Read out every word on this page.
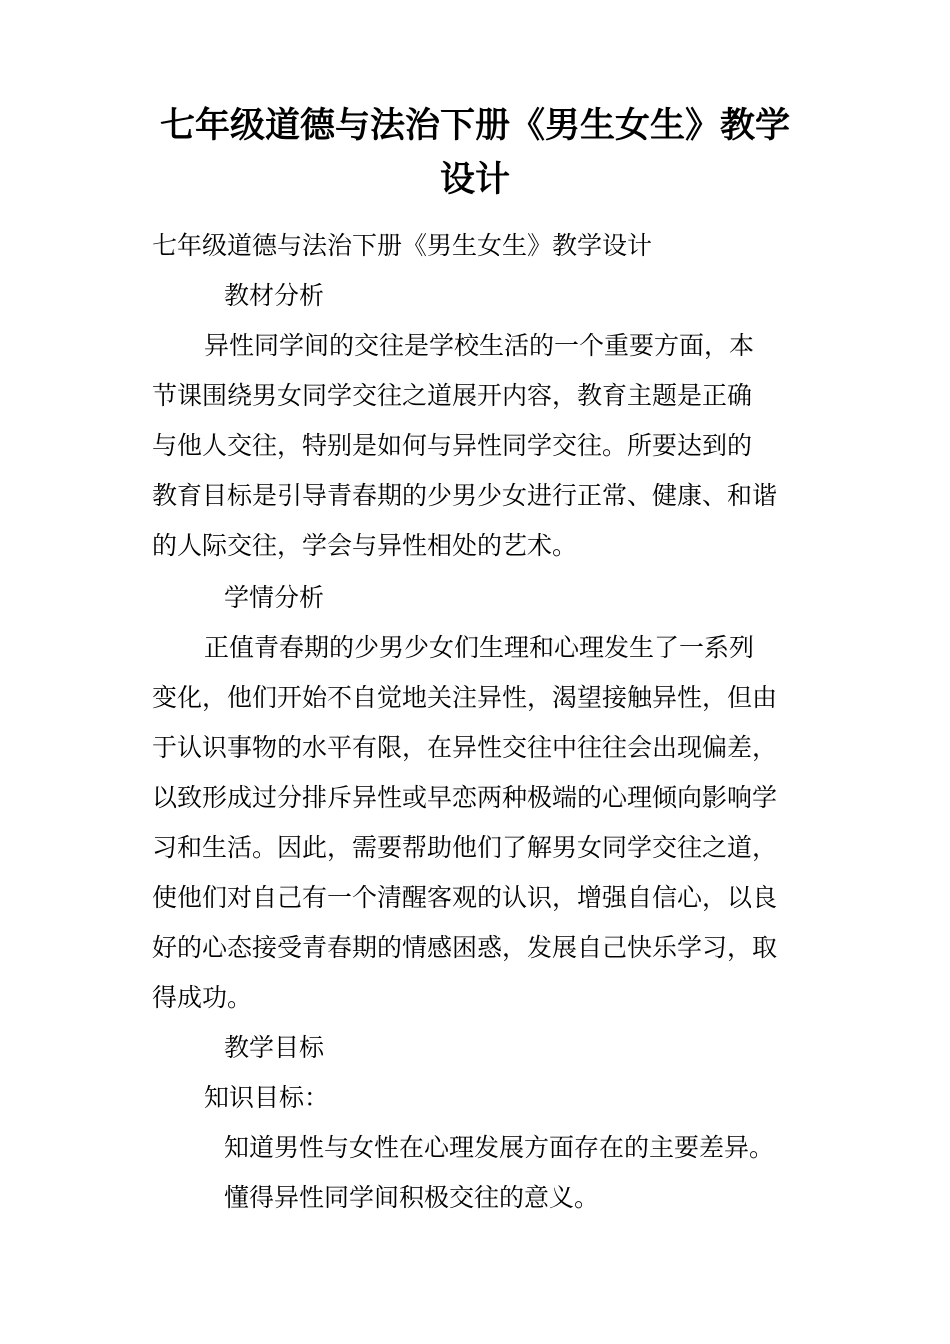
七年级道德与法治下册《男生女生》教学
设计

七年级道德与法治下册《男生女生》教学设计

教材分析

异性同学间的交往是学校生活的一个重要方面，本

节课围绕男女同学交往之道展开内容，教育主题是正确

与他人交往，特别是如何与异性同学交往。所要达到的

教育目标是引导青春期的少男少女进行正常、健康、和谐

的人际交往，学会与异性相处的艺术。

学情分析

正值青春期的少男少女们生理和心理发生了一系列

变化，他们开始不自觉地关注异性，渴望接触异性，但由

于认识事物的水平有限，在异性交往中往往会出现偏差，

以致形成过分排斥异性或早恋两种极端的心理倾向影响学

习和生活。因此，需要帮助他们了解男女同学交往之道，

使他们对自己有一个清醒客观的认识，增强自信心，以良

好的心态接受青春期的情感困惑，发展自己快乐学习，取

得成功。

教学目标

知识目标：

知道男性与女性在心理发展方面存在的主要差异。

懂得异性同学间积极交往的意义。
